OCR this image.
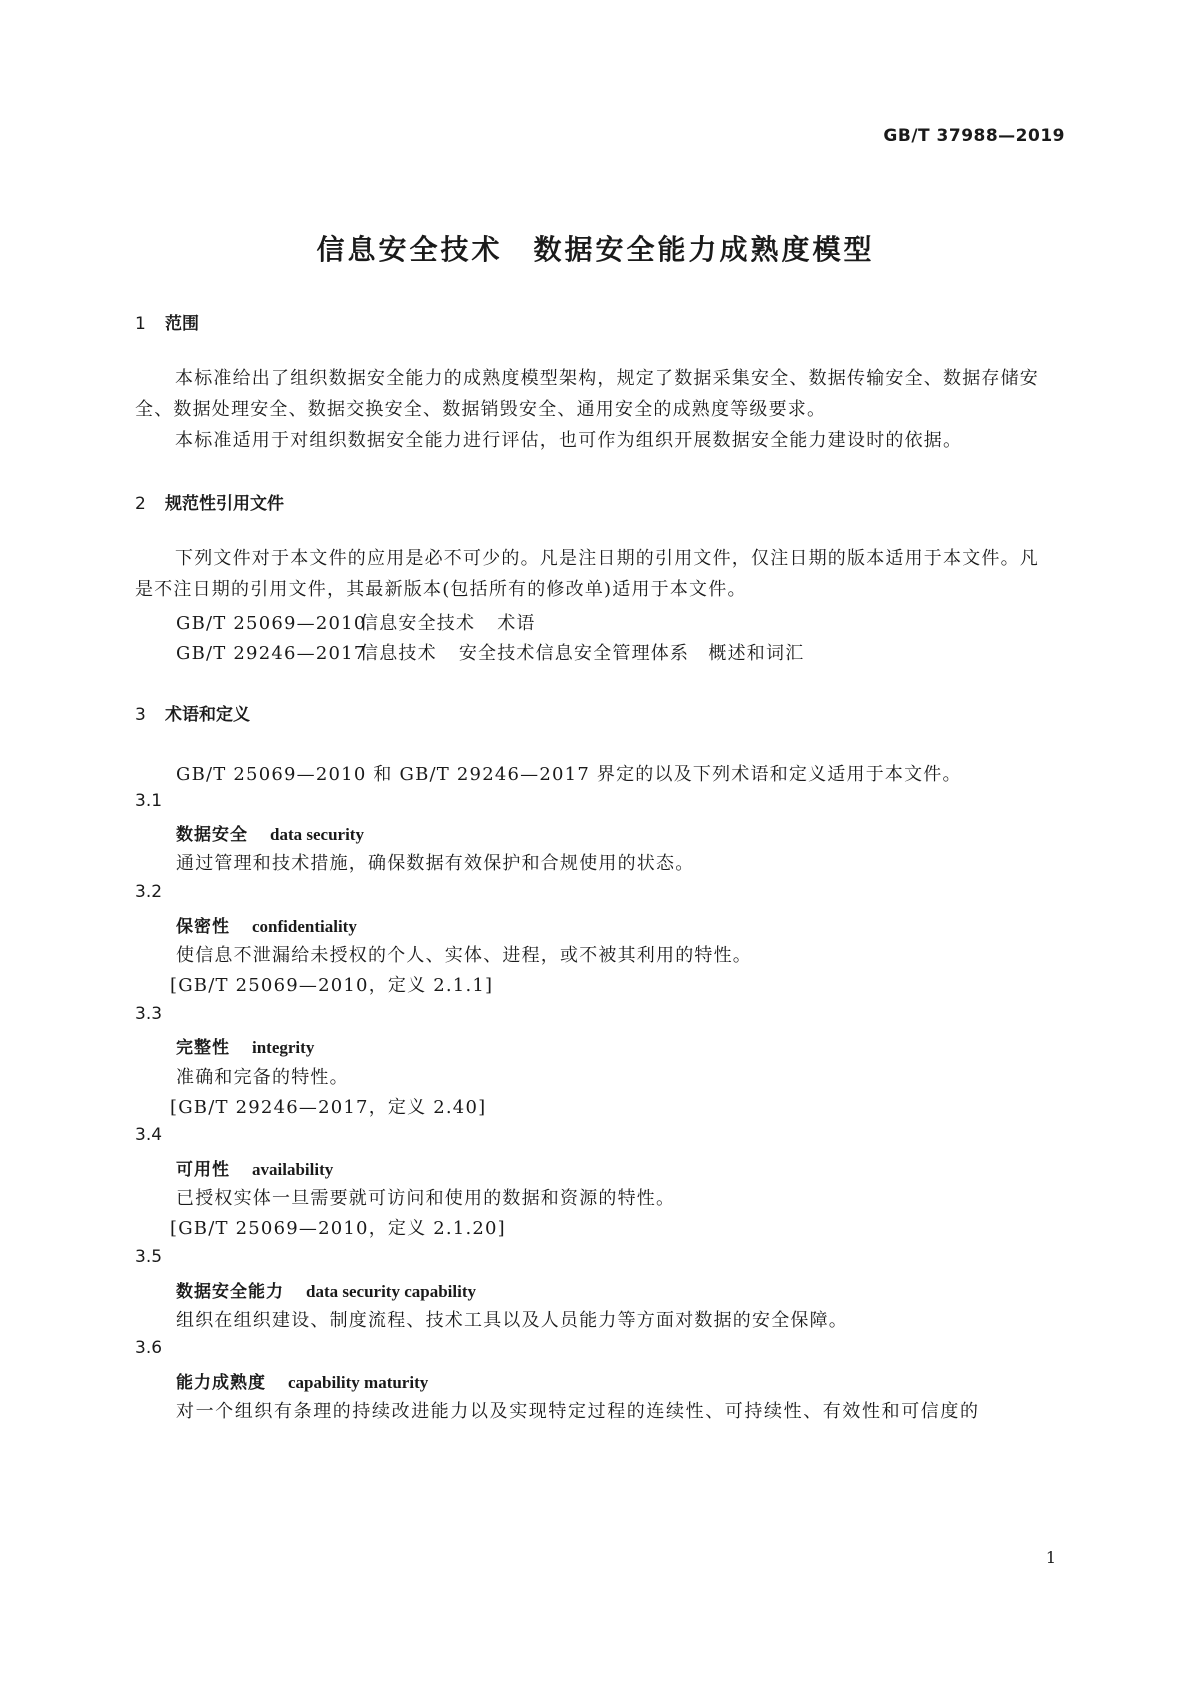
GB/T 37988—2019
信息安全技术　数据安全能力成熟度模型
1 范围
本标准给出了组织数据安全能力的成熟度模型架构，规定了数据采集安全、数据传输安全、数据存储安全、数据处理安全、数据交换安全、数据销毁安全、通用安全的成熟度等级要求。
本标准适用于对组织数据安全能力进行评估，也可作为组织开展数据安全能力建设时的依据。
2 规范性引用文件
下列文件对于本文件的应用是必不可少的。凡是注日期的引用文件，仅注日期的版本适用于本文件。凡是不注日期的引用文件，其最新版本(包括所有的修改单)适用于本文件。
GB/T 25069—2010信息安全技术 术语
GB/T 29246—2017信息技术 安全技术信息安全管理体系　概述和词汇
3 术语和定义
GB/T 25069—2010 和 GB/T 29246—2017 界定的以及下列术语和定义适用于本文件。
3.1
数据安全 data security
通过管理和技术措施，确保数据有效保护和合规使用的状态。
3.2
保密性 confidentiality
使信息不泄漏给未授权的个人、实体、进程，或不被其利用的特性。
[GB/T 25069—2010，定义 2.1.1]
3.3
完整性 integrity
准确和完备的特性。
[GB/T 29246—2017，定义 2.40]
3.4
可用性 availability
已授权实体一旦需要就可访问和使用的数据和资源的特性。
[GB/T 25069—2010，定义 2.1.20]
3.5
数据安全能力 data security capability
组织在组织建设、制度流程、技术工具以及人员能力等方面对数据的安全保障。
3.6
能力成熟度 capability maturity
对一个组织有条理的持续改进能力以及实现特定过程的连续性、可持续性、有效性和可信度的
1
